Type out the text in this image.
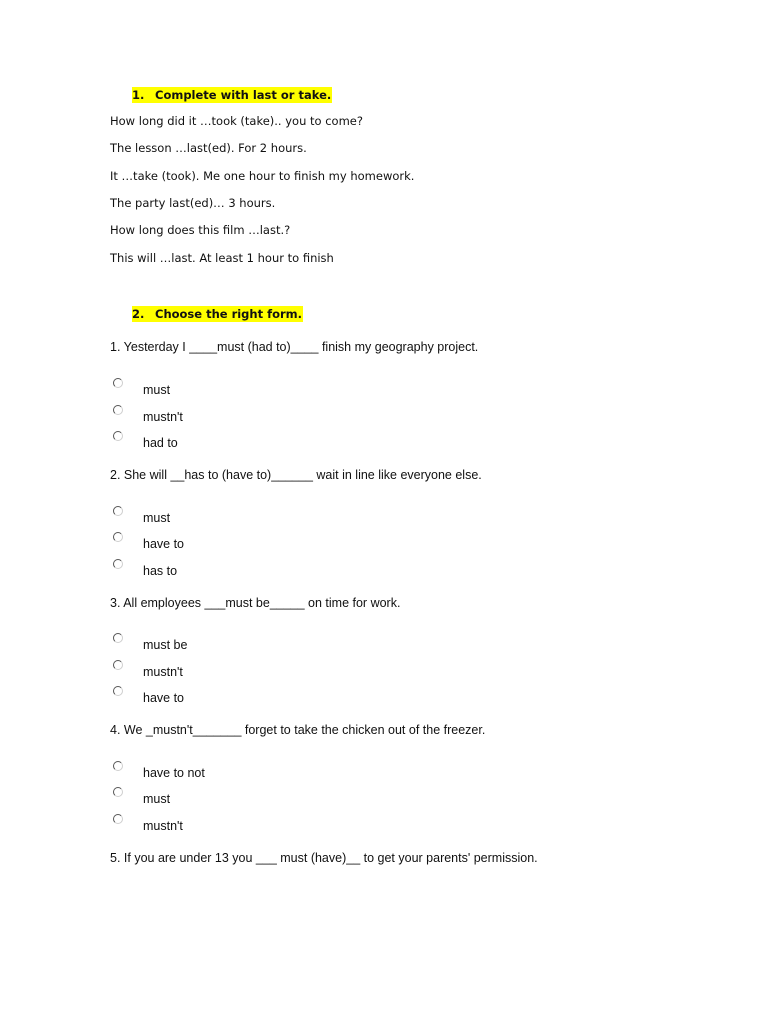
1. Complete with last or take.
How long did it …took (take).. you to come?
The lesson …last(ed). For 2 hours.
It …take (took). Me one hour to finish my homework.
The party last(ed)… 3 hours.
How long does this film …last.?
This will …last. At least 1 hour to finish
2. Choose the right form.
1. Yesterday I ____must (had to)____ finish my geography project.
must
mustn't
had to
2. She will __has to (have to)______ wait in line like everyone else.
must
have to
has to
3. All employees ___must be_____ on time for work.
must be
mustn't
have to
4. We _mustn't_______ forget to take the chicken out of the freezer.
have to not
must
mustn't
5. If you are under 13 you ___ must (have)__ to get your parents' permission.
